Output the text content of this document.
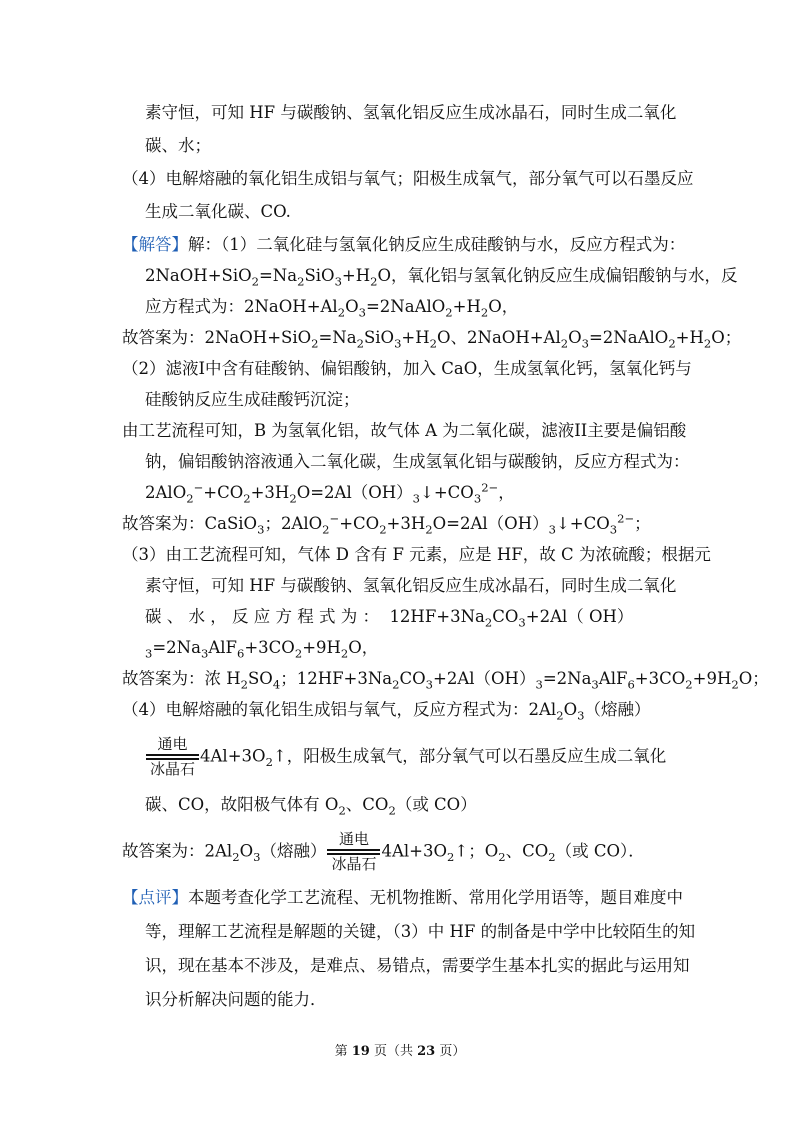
素守恒，可知 HF 与碳酸钠、氢氧化铝反应生成冰晶石，同时生成二氧化
碳、水；
（4）电解熔融的氧化铝生成铝与氧气；阳极生成氧气，部分氧气可以石墨反应
生成二氧化碳、CO.
【解答】解：（1）二氧化硅与氢氧化钠反应生成硅酸钠与水，反应方程式为：
$2NaOH+SiO_2=Na_2SiO_3+H_2O$，氧化铝与氢氧化钠反应生成偏铝酸钠与水，反
应方程式为：$2NaOH+Al_2O_3=2NaAlO_2+H_2O$，
故答案为：$2NaOH+SiO_2=Na_2SiO_3+H_2O$、$2NaOH+Al_2O_3=2NaAlO_2+H_2O$；
（2）滤液I中含有硅酸钠、偏铝酸钠，加入 CaO，生成氢氧化钙，氢氧化钙与
硅酸钠反应生成硅酸钙沉淀；
由工艺流程可知，B 为氢氧化铝，故气体 A 为二氧化碳，滤液II主要是偏铝酸
钠，偏铝酸钠溶液通入二氧化碳，生成氢氧化铝与碳酸钠，反应方程式为：
$2AlO_2^-+CO_2+3H_2O=2Al(OH)_3↓+CO_3^{2-}$，
故答案为：CaSiO$_3$；$2AlO_2^-+CO_2+3H_2O=2Al(OH)_3↓+CO_3^{2-}$；
（3）由工艺流程可知，气体 D 含有 F 元素，应是 HF，故 C 为浓硫酸；根据元
素守恒，可知 HF 与碳酸钠、氢氧化铝反应生成冰晶石，同时生成二氧化
碳 、 水 ， 反 应 方 程 式 为 ：  $12HF+3Na_2CO_3+2Al$（ OH）
$_3=2Na_3AlF_6+3CO_2+9H_2O$，
故答案为：浓 $H_2SO_4$；$12HF+3Na_2CO_3+2Al(OH)_3=2Na_3AlF_6+3CO_2+9H_2O$；
（4）电解熔融的氧化铝生成铝与氧气，反应方程式为：$2Al_2O_3$（熔融）
通电
冰晶石
$4Al+3O_2↑$，阳极生成氧气，部分氧气可以石墨反应生成二氧化
碳、CO，故阳极气体有 $O_2$、$CO_2$（或 CO）
故答案为：$2Al_2O_3$（熔融）
通电
冰晶石
$4Al+3O_2↑$；$O_2$、$CO_2$（或 CO）．
【点评】本题考查化学工艺流程、无机物推断、常用化学用语等，题目难度中
等，理解工艺流程是解题的关键，（3）中 HF 的制备是中学中比较陌生的知
识，现在基本不涉及，是难点、易错点，需要学生基本扎实的据此与运用知
识分析解决问题的能力．
第 19 页（共 23 页）
